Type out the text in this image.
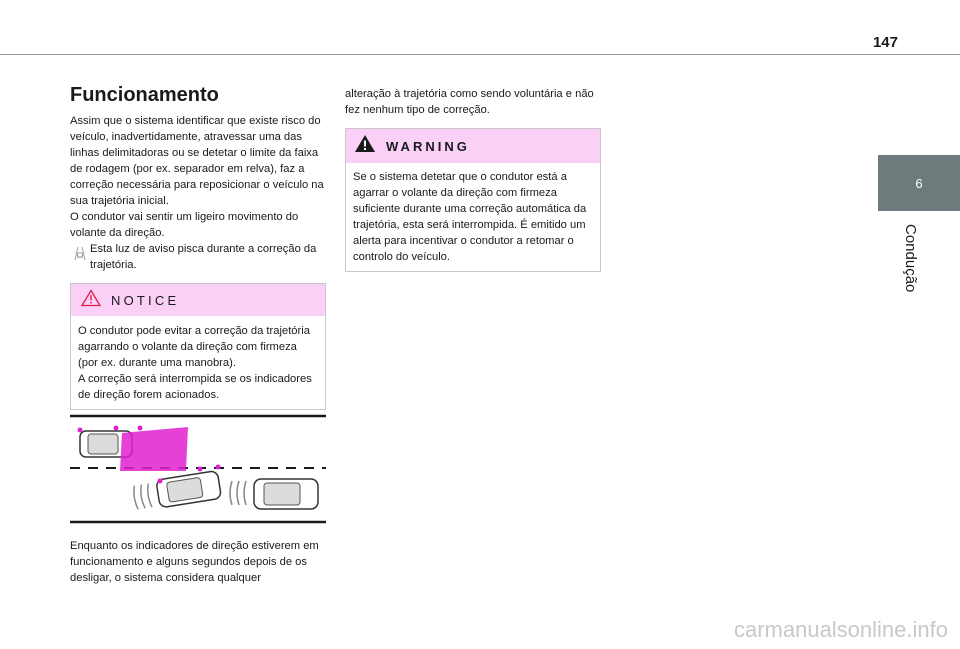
147
6
Condução
Funcionamento

Assim que o sistema identificar que existe risco do veículo, inadvertidamente, atravessar uma das linhas delimitadoras ou se detetar o limite da faixa de rodagem (por ex. separador em relva), faz a correção necessária para reposicionar o veículo na sua trajetória inicial.

O condutor vai sentir um ligeiro movimento do volante da direção.

Esta luz de aviso pisca durante a correção da trajetória.

NOTICE
O condutor pode evitar a correção da trajetória agarrando o volante da direção com firmeza (por ex. durante uma manobra).
A correção será interrompida se os indicadores de direção forem acionados.

Enquanto os indicadores de direção estiverem em funcionamento e alguns segundos depois de os desligar, o sistema considera qualquer

alteração à trajetória como sendo voluntária e não fez nenhum tipo de correção.

WARNING
Se o sistema detetar que o condutor está a agarrar o volante da direção com firmeza suficiente durante uma correção automática da trajetória, esta será interrompida. É emitido um alerta para incentivar o condutor a retomar o controlo do veículo.
carmanualsonline.info
